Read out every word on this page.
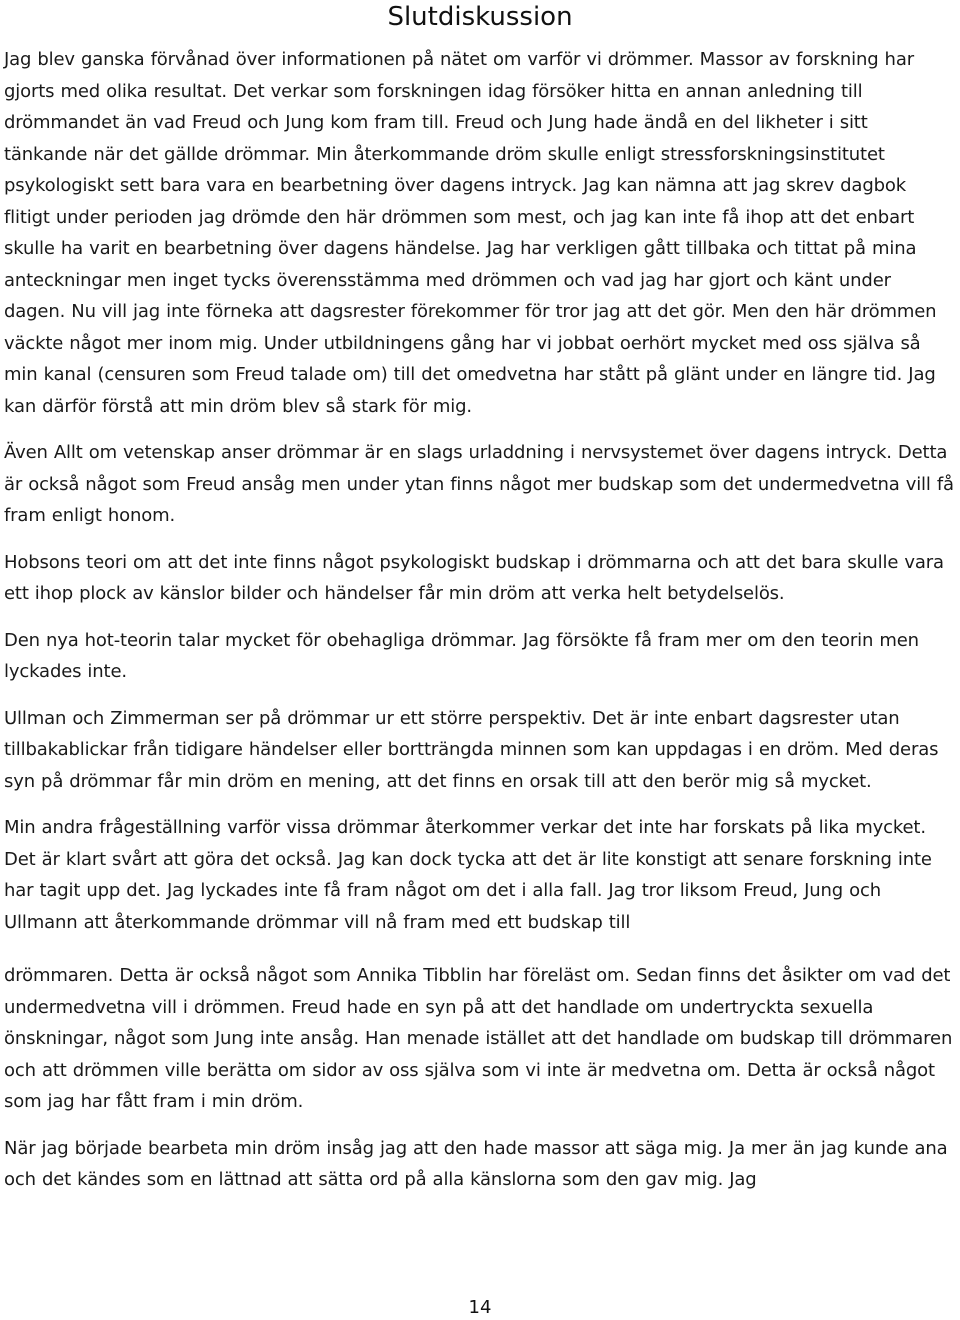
Slutdiskussion

Jag blev ganska förvånad över informationen på nätet om varför vi drömmer. Massor av forskning har gjorts med olika resultat. Det verkar som forskningen idag försöker hitta en annan anledning till drömmandet än vad Freud och Jung kom fram till. Freud och Jung hade ändå en del likheter i sitt tänkande när det gällde drömmar. Min återkommande dröm skulle enligt stressforskningsinstitutet psykologiskt sett bara vara en bearbetning över dagens intryck. Jag kan nämna att jag skrev dagbok flitigt under perioden jag drömde den här drömmen som mest, och jag kan inte få ihop att det enbart skulle ha varit en bearbetning över dagens händelse. Jag har verkligen gått tillbaka och tittat på mina anteckningar men inget tycks överensstämma med drömmen och vad jag har gjort och känt under dagen. Nu vill jag inte förneka att dagsrester förekommer för tror jag att det gör. Men den här drömmen väckte något mer inom mig. Under utbildningens gång har vi jobbat oerhört mycket med oss själva så min kanal (censuren som Freud talade om) till det omedvetna har stått på glänt under en längre tid. Jag kan därför förstå att min dröm blev så stark för mig.

Även Allt om vetenskap anser drömmar är en slags urladdning i nervsystemet över dagens intryck. Detta är också något som Freud ansåg men under ytan finns något mer budskap som det undermedvetna vill få fram enligt honom.

Hobsons teori om att det inte finns något psykologiskt budskap i drömmarna och att det bara skulle vara ett ihop plock av känslor bilder och händelser får min dröm att verka helt betydelselös.

Den nya hot-teorin talar mycket för obehagliga drömmar. Jag försökte få fram mer om den teorin men lyckades inte.

Ullman och Zimmerman ser på drömmar ur ett större perspektiv. Det är inte enbart dagsrester utan tillbakablickar från tidigare händelser eller bortträngda minnen som kan uppdagas i en dröm. Med deras syn på drömmar får min dröm en mening, att det finns en orsak till att den berör mig så mycket.

Min andra frågeställning varför vissa drömmar återkommer verkar det inte har forskats på lika mycket. Det är klart svårt att göra det också. Jag kan dock tycka att det är lite konstigt att senare forskning inte har tagit upp det. Jag lyckades inte få fram något om det i alla fall. Jag tror liksom Freud, Jung och Ullmann att återkommande drömmar vill nå fram med ett budskap till

drömmaren. Detta är också något som Annika Tibblin har föreläst om. Sedan finns det åsikter om vad det undermedvetna vill i drömmen. Freud hade en syn på att det handlade om undertryckta sexuella önskningar, något som Jung inte ansåg. Han menade istället att det handlade om budskap till drömmaren och att drömmen ville berätta om sidor av oss själva som vi inte är medvetna om. Detta är också något som jag har fått fram i min dröm.

När jag började bearbeta min dröm insåg jag att den hade massor att säga mig. Ja mer än jag kunde ana och det kändes som en lättnad att sätta ord på alla känslorna som den gav mig. Jag

14
